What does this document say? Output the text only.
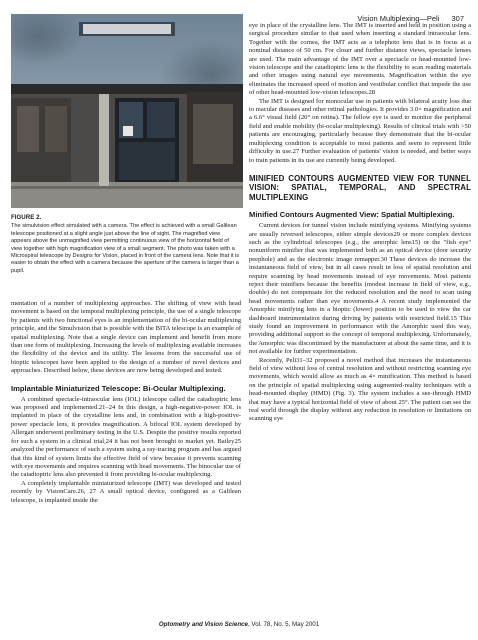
Vision Multiplexing—Peli 307
FIGURE 2.
The simulvision effect simulated with a camera. The effect is achieved with a small Galilean telescope positioned at a slight angle just above the line of sight. The magnified view appears above the unmagnified view permitting continuous view of the horizontal field of view together with high magnification view of a small segment. The photo was taken with a Microspiral telescope by Designs for Vision, placed in front of the camera lens. Note that it is easier to obtain the effect with a camera because the aperture of the camera is larger than a pupil.

mentation of a number of multiplexing approaches. The shifting of view with head movement is based on the temporal multiplexing principle, the use of a single telescope by patients with two functional eyes is an implementation of the bi-ocular multiplexing principle, and the Simulvision that is possible with the BITA telescope is an example of spatial multiplexing. Note that a single device can implement and benefit from more than one form of multiplexing. Increasing the levels of multiplexing available increases the flexibility of the device and its utility. The lessons from the successful use of bioptic telescopes have been applied to the design of a number of novel devices and approaches. Described below, these devices are now being developed and tested.

Implantable Miniaturized Telescope: Bi-Ocular Multiplexing.

A combined spectacle-intraocular lens (IOL) telescope called the catadioptric lens was proposed and implemented.21–24 In this design, a high-negative-power IOL is implanted in place of the crystalline lens and, in combination with a high-positive-power spectacle lens, it provides magnification. A bifocal IOL system developed by Allergan underwent preliminary testing in the U.S. Despite the positive results reported for such a system in a clinical trial,24 it has not been brought to market yet. Bailey25 analyzed the performance of such a system using a ray-tracing program and has argued that this kind of system limits the effective field of view because it prevents scanning with eye movements and requires scanning with head movements. The binocular use of the catadioptric lens also prevented it from providing bi-ocular multiplexing.

A completely implantable miniaturized telescope (IMT) was developed and tested recently by VisionCare.26, 27 A small optical device, configured as a Galilean telescope, is implanted inside the

eye in place of the crystalline lens. The IMT is inserted and held in position using a surgical procedure similar to that used when inserting a standard intraocular lens. Together with the cornea, the IMT acts as a telephoto lens that is in focus at a nominal distance of 50 cm. For closer and further distance views, spectacle lenses are used. The main advantage of the IMT over a spectacle or head-mounted low-vision telescope and the catadioptric lens is the flexibility to scan reading materials and other images using natural eye movements. Magnification within the eye eliminates the increased speed of motion and vestibular conflict that impede the use of other head-mounted low-vision telescopes.28

The IMT is designed for monocular use in patients with bilateral acuity loss due to macular diseases and other retinal pathologies. It provides 3.0× magnification and a 6.6° visual field (20° on retina). The fellow eye is used to monitor the peripheral field and enable mobility (bi-ocular multiplexing). Results of clinical trials with >50 patients are encouraging, particularly because they demonstrate that the bi-ocular multiplexing condition is acceptable to most patients and seem to represent little difficulty in use.27 Further evaluation of patients' vision is needed, and better ways to train patients in its use are currently being developed.

MINIFIED CONTOURS AUGMENTED VIEW FOR TUNNEL VISION: SPATIAL, TEMPORAL, AND SPECTRAL MULTIPLEXING
Minified Contours Augmented View: Spatial Multiplexing.

Current devices for tunnel vision include minifying systems. Minifying systems are usually reversed telescopes, either simple devices29 or more complex devices such as the cylindrical telescopes (e.g., the amorphic lens15) or the "fish eye" nonuniform minifier that was implemented both as an optical device (door security peephole) and as the electronic image remapper.30 These devices do increase the instantaneous field of view, but in all cases result in loss of spatial resolution and require scanning by head movements instead of eye movements. Most patients reject their minifiers because the benefits (modest increase in field of view, e.g., double) do not compensate for the reduced resolution and the need to scan using head movements rather than eye movements.4 A recent study implemented the Amorphic minifying lens in a bioptic (lower) position to be used to view the car dashboard instrumentation during driving by patients with restricted field.15 This study found an improvement in performance with the Amorphic used this way, providing additional support to the concept of temporal multiplexing. Unfortunately, the Amorphic was discontinued by the manufacturer at about the same time, and it is not available for further experimentation.

Recently, Peli31–32 proposed a novel method that increases the instantaneous field of view without loss of central resolution and without restricting scanning eye movements, which would allow as much as 4× minification. This method is based on the principle of spatial multiplexing using augmented-reality techniques with a head-mounted display (HMD) (Fig. 3). The system includes a see-through HMD that may have a typical horizontal field of view of about 25°. The patient can see the real world through the display without any reduction in resolution or limitations on scanning eye

Optometry and Vision Science, Vol. 78, No. 5, May 2001
